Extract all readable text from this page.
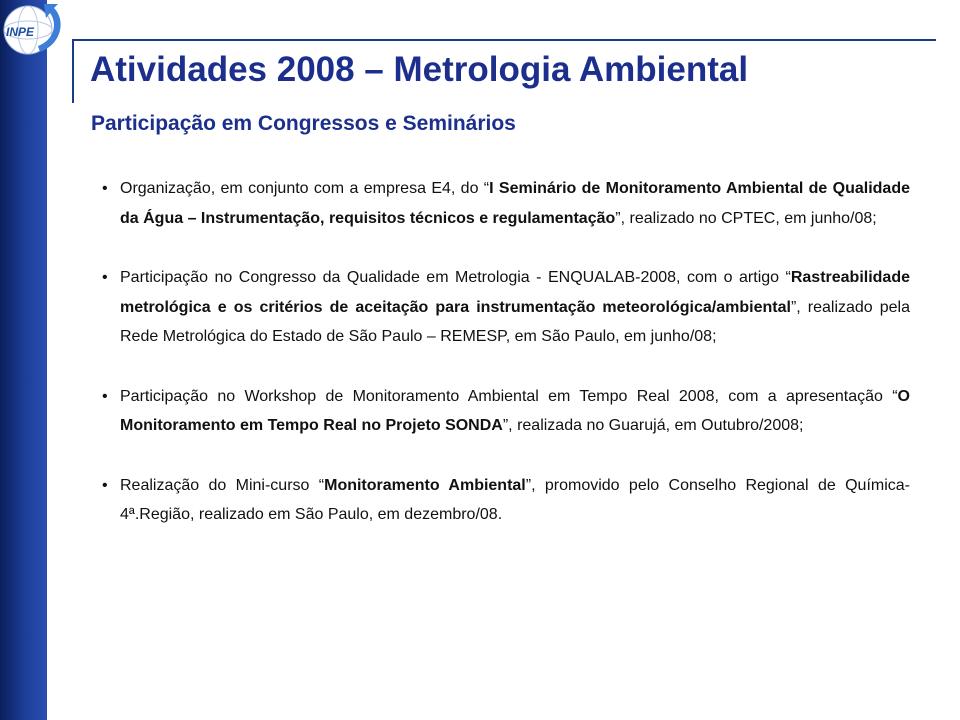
INPE
Atividades 2008 – Metrologia Ambiental
Participação em Congressos e Seminários
• Organização, em conjunto com a empresa E4, do “I Seminário de Monitoramento Ambiental de Qualidade da Água – Instrumentação, requisitos técnicos e regulamentação”, realizado no CPTEC, em junho/08;
• Participação no Congresso da Qualidade em Metrologia - ENQUALAB-2008, com o artigo “Rastreabilidade metrológica e os critérios de aceitação para instrumentação meteorológica/ambiental”, realizado pela Rede Metrológica do Estado de São Paulo – REMESP, em São Paulo, em junho/08;
• Participação no Workshop de Monitoramento Ambiental em Tempo Real 2008, com a apresentação “O Monitoramento em Tempo Real no Projeto SONDA”, realizada no Guarujá, em Outubro/2008;
• Realização do Mini-curso “Monitoramento Ambiental”, promovido pelo Conselho Regional de Química-4ª.Região, realizado em São Paulo, em dezembro/08.
